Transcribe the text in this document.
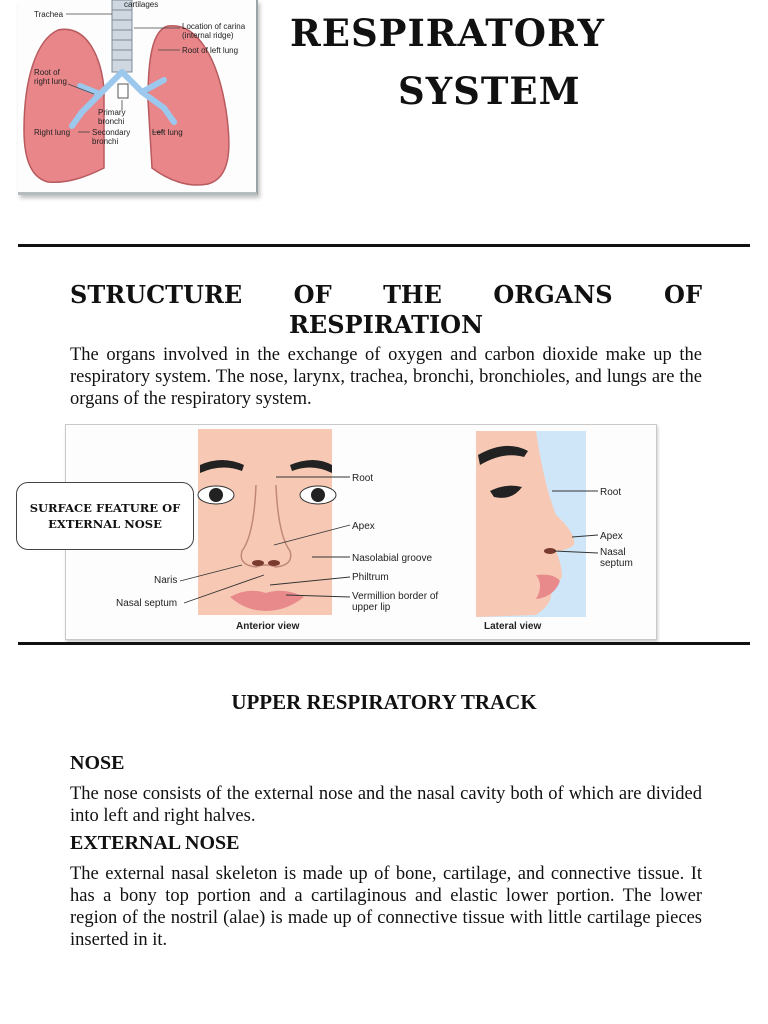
cartilages
Trachea
Location of carina (internal ridge)
Root of left lung
Root of right lung
Primary bronchi
Right lung	Secondary bronchi
Left lung
RESPIRATORY
SYSTEM
STRUCTURE OF THE ORGANS OF
RESPIRATION
The organs involved in the exchange of oxygen and carbon dioxide make up the respiratory system. The nose, larynx, trachea, bronchi, bronchioles, and lungs are the organs of the respiratory system.
Root
Apex
Nasolabial groove
Naris	Philtrum
Nasal septum
Vermillion border of upper lip
Anterior view
Root
Apex
Nasal septum
Lateral view
SURFACE FEATURE OF EXTERNAL NOSE
UPPER RESPIRATORY TRACK
NOSE
The nose consists of the external nose and the nasal cavity both of which are divided into left and right halves.
EXTERNAL NOSE
The external nasal skeleton is made up of bone, cartilage, and connective tissue. It has a bony top portion and a cartilaginous and elastic lower portion. The lower region of the nostril (alae) is made up of connective tissue with little cartilage pieces inserted in it.
